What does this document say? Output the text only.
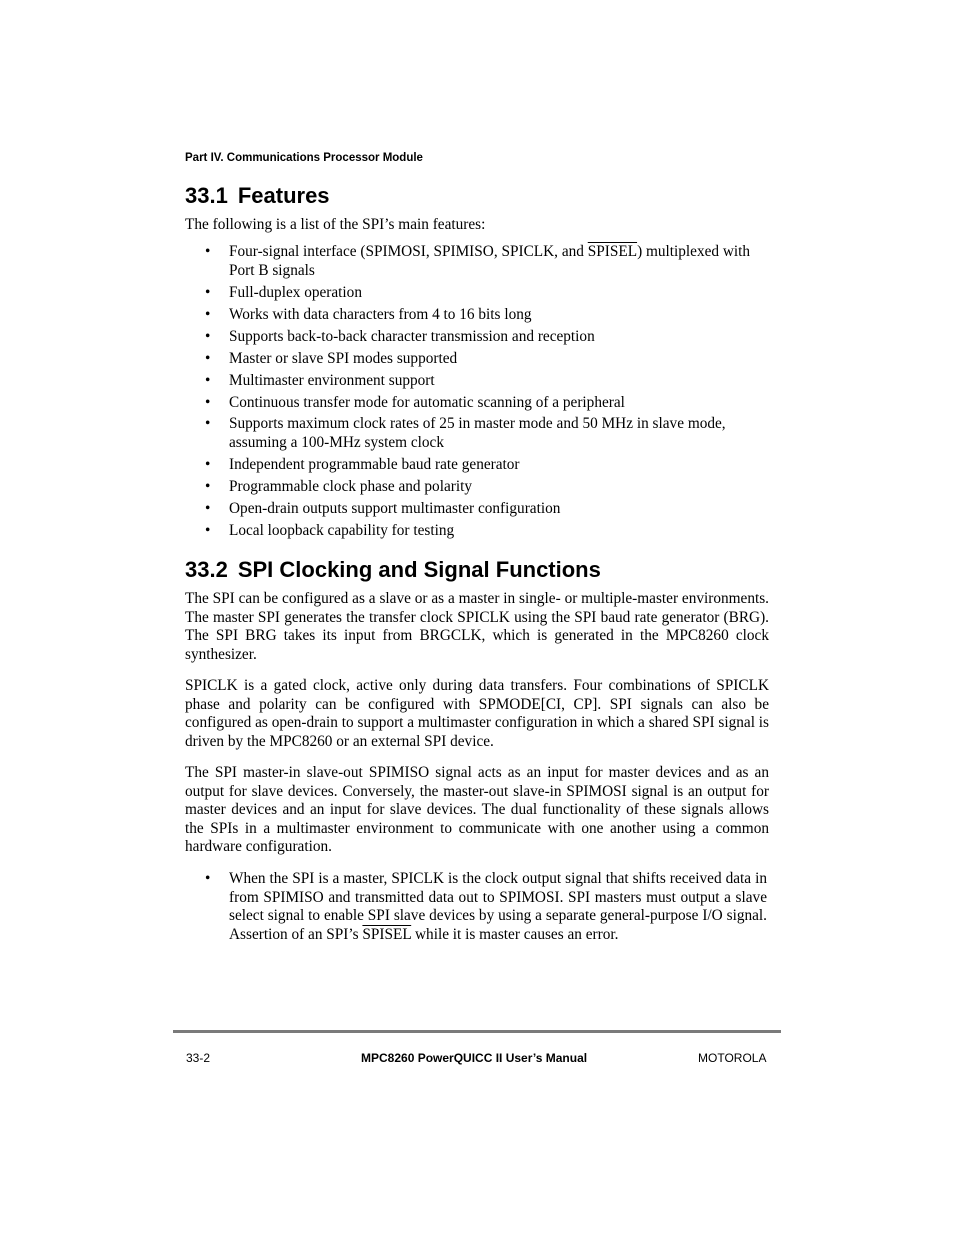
Part IV. Communications Processor Module
33.1 Features
The following is a list of the SPI’s main features:
• Four-signal interface (SPIMOSI, SPIMISO, SPICLK, and SPISEL) multiplexed with Port B signals
• Full-duplex operation
• Works with data characters from 4 to 16 bits long
• Supports back-to-back character transmission and reception
• Master or slave SPI modes supported
• Multimaster environment support
• Continuous transfer mode for automatic scanning of a peripheral
• Supports maximum clock rates of 25 in master mode and 50 MHz in slave mode, assuming a 100-MHz system clock
• Independent programmable baud rate generator
• Programmable clock phase and polarity
• Open-drain outputs support multimaster configuration
• Local loopback capability for testing
33.2 SPI Clocking and Signal Functions

The SPI can be configured as a slave or as a master in single- or multiple-master environments. The master SPI generates the transfer clock SPICLK using the SPI baud rate generator (BRG). The SPI BRG takes its input from BRGCLK, which is generated in the MPC8260 clock synthesizer.

SPICLK is a gated clock, active only during data transfers. Four combinations of SPICLK phase and polarity can be configured with SPMODE[CI, CP]. SPI signals can also be configured as open-drain to support a multimaster configuration in which a shared SPI signal is driven by the MPC8260 or an external SPI device.

The SPI master-in slave-out SPIMISO signal acts as an input for master devices and as an output for slave devices. Conversely, the master-out slave-in SPIMOSI signal is an output for master devices and an input for slave devices. The dual functionality of these signals allows the SPIs in a multimaster environment to communicate with one another using a common hardware configuration.

• When the SPI is a master, SPICLK is the clock output signal that shifts received data in from SPIMISO and transmitted data out to SPIMOSI. SPI masters must output a slave select signal to enable SPI slave devices by using a separate general-purpose I/O signal. Assertion of an SPI’s SPISEL while it is master causes an error.
33-2	MPC8260 PowerQUICC II User’s Manual	MOTOROLA
